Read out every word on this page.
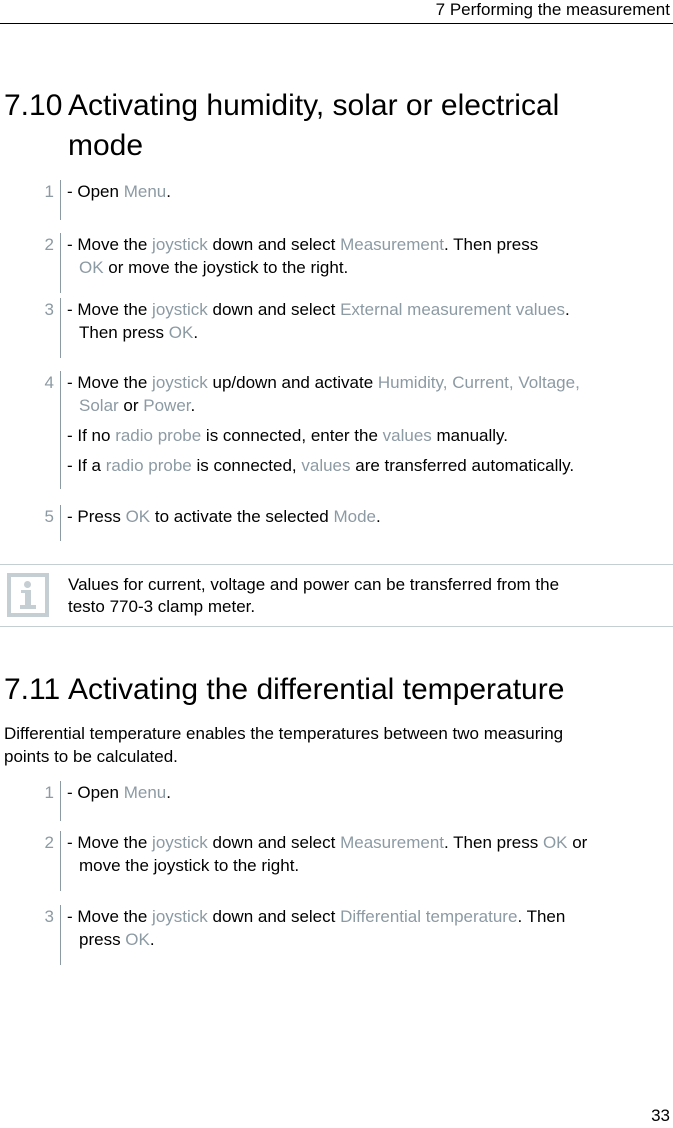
7 Performing the measurement
7.10 Activating humidity, solar or electrical
mode
1 - Open Menu.

2 - Move the joystick down and select Measurement. Then press
OK or move the joystick to the right.

3 - Move the joystick down and select External measurement values.
Then press OK.

4 - Move the joystick up/down and activate Humidity, Current, Voltage,
Solar or Power.

- If no radio probe is connected, enter the values manually.

- If a radio probe is connected, values are transferred automatically.

5 - Press OK to activate the selected Mode.

Values for current, voltage and power can be transferred from the
testo 770-3 clamp meter.
7.11 Activating the differential temperature
Differential temperature enables the temperatures between two measuring
points to be calculated.
1 - Open Menu.

2 - Move the joystick down and select Measurement. Then press OK or
move the joystick to the right.

3 - Move the joystick down and select Differential temperature. Then
press OK.

33
